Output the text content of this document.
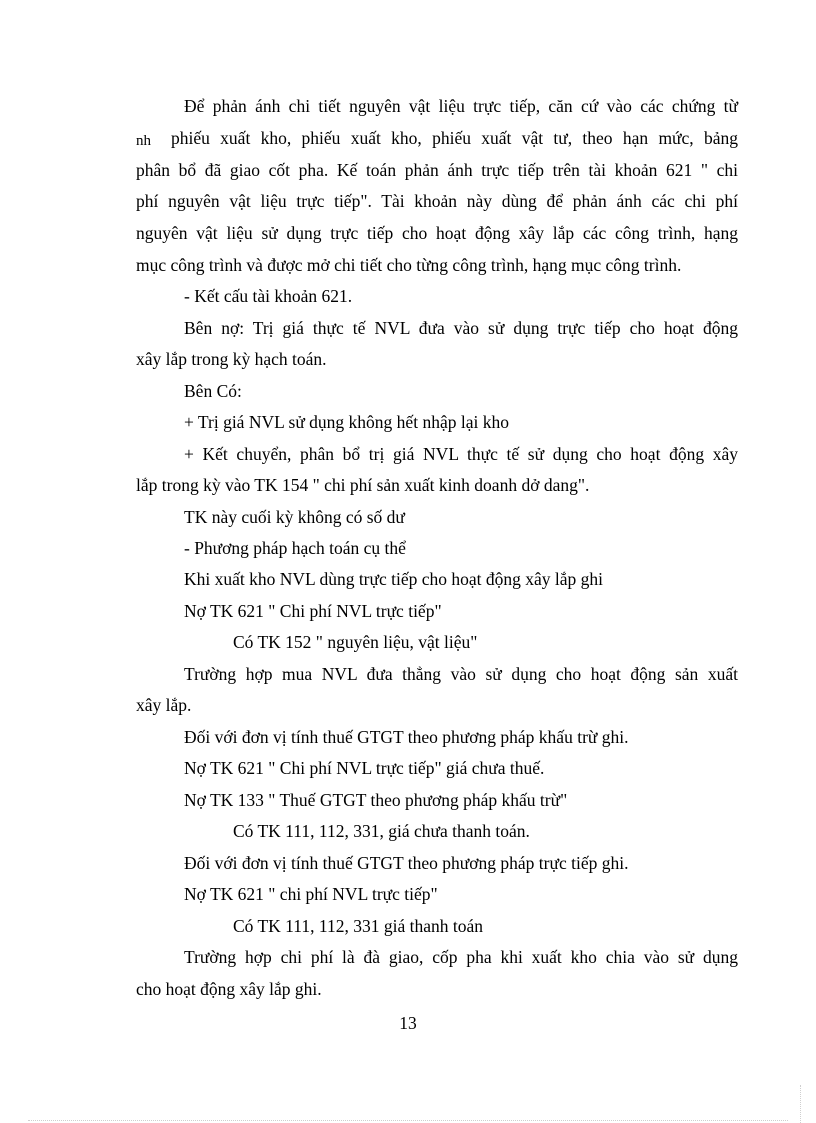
nh
Để phản ánh chi tiết nguyên vật liệu trực tiếp, căn cứ vào các chứng từ
phiếu xuất kho, phiếu xuất kho, phiếu xuất vật tư, theo hạn mức, bảng
phân bổ đã giao cốt pha. Kế toán phản ánh trực tiếp trên tài khoản 621 " chi
phí nguyên vật liệu trực tiếp". Tài khoản này dùng để phản ánh các chi phí
nguyên vật liệu sử dụng trực tiếp cho hoạt động xây lắp các công trình, hạng
mục công trình và được mở chi tiết cho từng công trình, hạng mục công trình.
- Kết cấu tài khoản 621.
Bên nợ: Trị giá thực tế NVL đưa vào sử dụng trực tiếp cho hoạt động
xây lắp trong kỳ hạch toán.
Bên Có:
+ Trị giá NVL sử dụng không hết nhập lại kho
+ Kết chuyển, phân bổ trị giá NVL thực tế sử dụng cho hoạt động xây
lắp trong kỳ vào TK 154 " chi phí sản xuất kinh doanh dở dang".
TK này cuối kỳ không có số dư
- Phương pháp hạch toán cụ thể
Khi xuất kho NVL dùng trực tiếp cho hoạt động xây lắp ghi
Nợ TK 621 " Chi phí NVL trực tiếp"
Có TK 152 " nguyên liệu, vật liệu"
Trường hợp mua NVL đưa thẳng vào sử dụng cho hoạt động sản xuất
xây lắp.
Đối với đơn vị tính thuế GTGT theo phương pháp khấu trừ ghi.
Nợ TK 621 " Chi phí NVL trực tiếp" giá chưa thuế.
Nợ TK 133 " Thuế GTGT theo phương pháp khấu trừ"
Có TK 111, 112, 331, giá chưa thanh toán.
Đối với đơn vị tính thuế GTGT theo phương pháp trực tiếp ghi.
Nợ TK 621 " chi phí NVL trực tiếp"
Có TK 111, 112, 331 giá thanh toán
Trường hợp chi phí là đà giao, cốp pha khi xuất kho chia vào sử dụng
cho hoạt động xây lắp ghi.
13
